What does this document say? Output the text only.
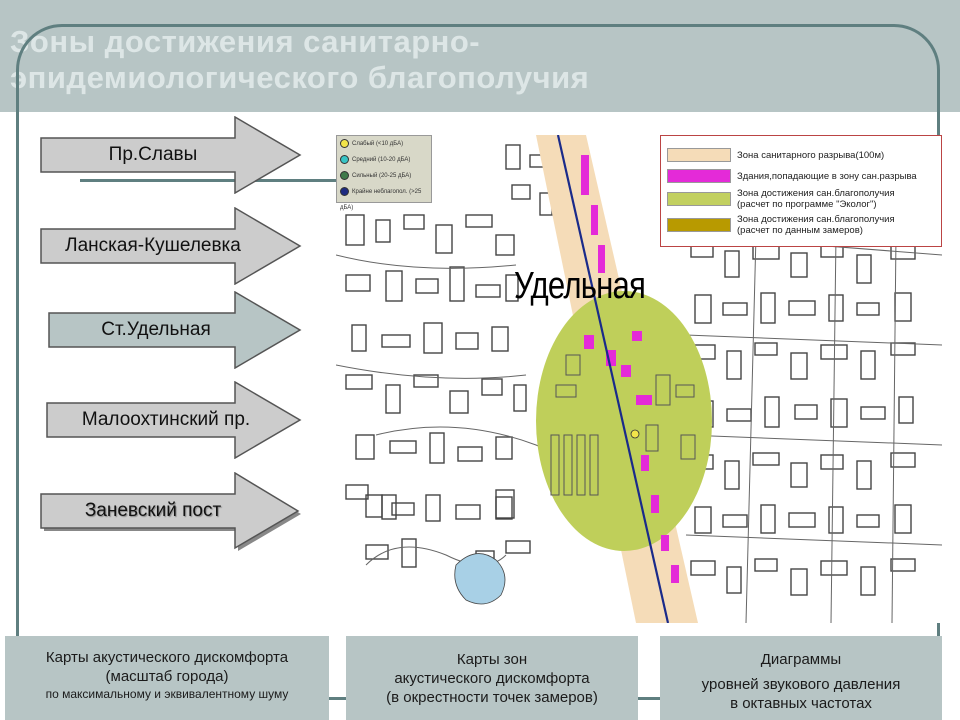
Зоны достижения санитарно-
эпидемиологического благополучия
Пр.Славы
Ланская-Кушелевка
Ст.Удельная
Малоохтинский пр.
Заневский пост
Слабый (<10 дБА)
Средний (10-20 дБА)
Сильный (20-25 дБА)
Крайне неблагопол. (>25 дБА)
Зона санитарного разрыва(100м)
Здания,попадающие в зону сан.разрыва
Зона достижения сан.благополучия
(расчет по программе "Эколог")
Зона достижения сан.благополучия
(расчет по данным замеров)
Удельная
Карты акустического дискомфорта
(масштаб города)
по максимальному и эквивалентному шуму
Карты зон
акустического дискомфорта
(в окрестности точек замеров)
Диаграммы
уровней звукового давления
в октавных частотах
